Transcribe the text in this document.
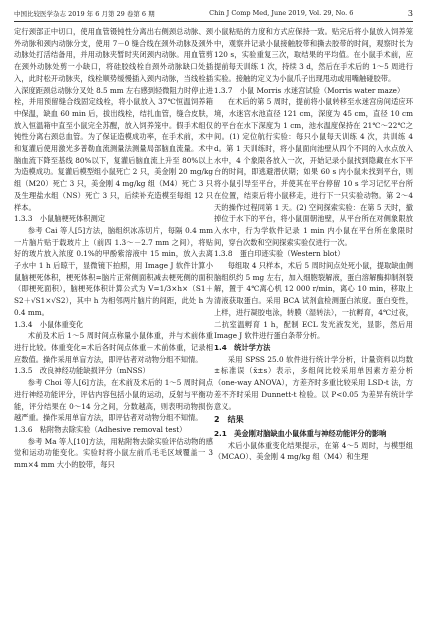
中国比较医学杂志 2019 年 6 月第 29 卷第 6 期	Chin J Comp Med, June 2019, Vol. 29, No. 6	3

定行颈部正中切口，使用血管镊钝性分离出右侧颈总动脉、颈外动脉和颈内动脉分支，使用 7－0 缝合线在颈外动脉及颈外动脉处打活结备用，并用动脉夹暂时夹闭颈内动脉。用血管剪在颈外动脉处剪一小缺口，将硅胶线栓自颈外动脉缺口处插入，此时松开动脉夹，线栓顺势缓慢插入颈内动脉，当线栓插入深度距颈总动脉分叉处 8.5 mm 左右感到轻微阻力时停止进栓，并用预留缝合线固定线栓，将小鼠放入 37℃恒温饲养箱中保温，缺血 60 min 后，拔出线栓，结扎血管，缝合皮肤，放入恒温箱中直至小鼠完全苏醒，放入饲养笼中。假手术组仅钝性分离右颈总血管。为了保证造模成功率，在手术前，术中和复灌后使用激光多普勒血流测量法测量局部脑血流量。术中脑血流下降至基线 80%以下，复灌后脑血流上升至 80%以上为造模成功。复灌后模型组小鼠死亡 2 只，美金刚 20 mg/kg 组（M20）死亡 3 只，美金刚 4 mg/kg 组（M4）死亡 3 只及生理盐水组（NS）死亡 3 只，后续补充造模至每组 12 只样本。

1.3.3　小鼠脑梗死体积测定

参考 Cai 等人[5]方法，脑组织冰冻切片，每隔 0.4 mm 一片脑片贴于载玻片上（前四 1.3～－2.7 mm 之间），将贴好的玻片放入浓度 0.1%的甲酚紫溶液中 15 min，放入去离子水中 1 h 后晾干，显微镜下拍照，用 Image J 软件计算小鼠脑梗死体积，梗死体积=脑片正常侧面积减去梗死侧的面积（即梗死面积），脑梗死体积计算公式为 V=1/3×h×（S1＋S2＋√S1×√S2），其中 h 为相邻两片脑片的间距，此处 h 为 0.4 mm。

1.3.4　小鼠体重变化

术前及术后 1～5 周时间点称量小鼠体重，并与术前体重进行比较。体重变化=术后各时间点体重－术前体重，记录相应数值。操作采用单盲方法，即评估者对动物分组不知情。

1.3.5　改良神经功能缺损评分（mNSS）

参考 Choi 等人[6]方法，在术前及术后的 1～5 周时间点进行神经功能评分，评估内容包括小鼠的运动，反射与平衡功能，评分结果在 0～14 分之间，分数越高，则表明动物损伤越严重。操作采用单盲方法，即评估者对动物分组不知情。

1.3.6　粘附物去除实验（Adhesive removal test）

参考 Ma 等人[10]方法，用粘附物去除实验评估动物的感觉和运动功能变化。实验时将小鼠左前爪毛毛区域覆盖一 3 mm×4 mm 大小的胶带，每只

小鼠粘贴的力度和方式应保持一致。贴完后将小鼠放入饲养笼中，观察并记录小鼠接触胶带和撕去胶带的时间，观察时长为 120 s，实验重复三次，取结果的平均值。在小鼠手术前，应提前每天训练 1 次，持续 3 d，然后在手术后的 1～5 周进行实验。接触的定义为小鼠爪子出现甩动或用嘴触碰胶带。

1.3.7　小鼠 Morris 水迷宫试验（Morris water maze）

在术后的第 5 周时，提前将小鼠转移至水迷宫房间适应环境，水迷宫水池直径 121 cm，深度为 45 cm，直径 10 cm 的平台在水下深度为 1 cm，池水温度保持在 21℃～22℃之间。(1) 定位航行实验：每只小鼠每天训练 4 次，共训练 4 d。第 1 天训练时，将小鼠面向池壁从四个不同的入水点放入水中，4 个象限各放入一次，开始记录小鼠找到隐藏在水下平台的时间，即逃避潜伏期；如果 60 s 内小鼠未找到平台，则将小鼠引导至平台，并使其在平台停留 10 s 学习记忆平台所在位置，结束后将小鼠移走，进行下一只实验动物。第 2～4 天的操作过程同第 1 天。(2) 空间探索实验：在第 5 天时，撤掉位于水下的平台，将小鼠面朝池壁，从平台所在对侧象限放入水中，行为学软件记录 1 min 内小鼠在平台所在象限时间，穿台次数和空间探索实验仅进行一次。

1.3.8　蛋白印迹实验（Western blot）

每组取 4 只样本，术后 5 周时间点处死小鼠，提取缺血侧脑组织约 5 mg 左右，加入细胞裂解液，蛋白溶解酶抑制剂裂解，置于 4℃离心机 12 000 r/min，离心 10 min，移取上清液获取蛋白。采用 BCA 试剂盒检测蛋白浓度。蛋白变性，上样，进行凝胶电泳，转膜（湿转法），一抗孵育，4℃过夜，二抗室温孵育 1 h，配制 ECL 发光液发光，显影，然后用 Image J 软件进行蛋白条带分析。

1.4　统计学方法

采用 SPSS 25.0 软件进行统计学分析，计量资料以均数±标准误（x̄±s）表示，多组间比较采用单因素方差分析（one-way ANOVA），方差齐时多重比较采用 LSD-t 法，方差不齐时采用 Dunnett-t 检验。以 P<0.05 为差异有统计学意义。

2　结果
2.1　美金刚对脑缺血小鼠体重与神经功能评分的影响

术后小鼠体重变化结果提示，在第 4～5 周时，与模型组（MCAO）、美金刚 4 mg/kg 组（M4）和生理
